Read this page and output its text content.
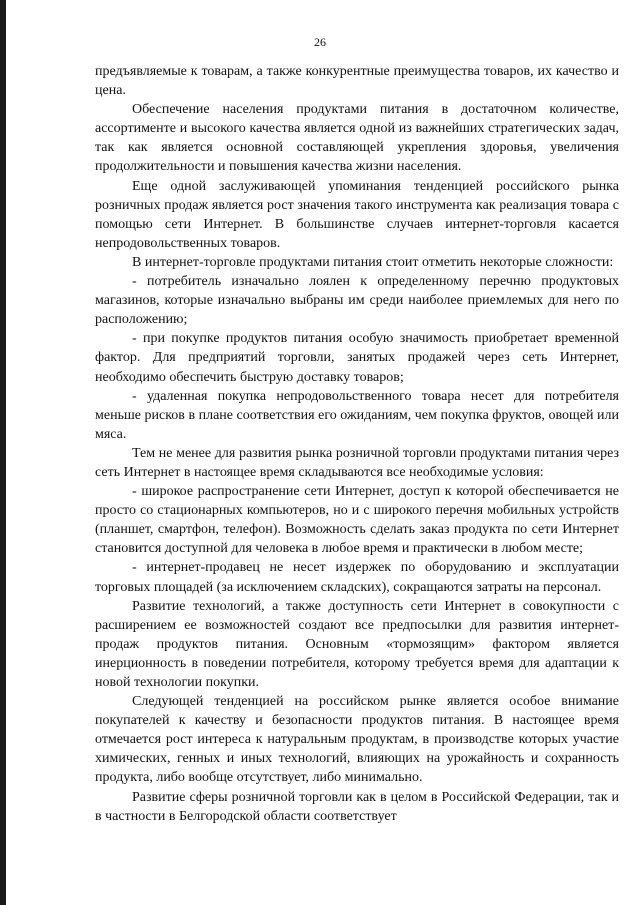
26

предъявляемые к товарам, а также конкурентные преимущества товаров, их качество и цена.

Обеспечение населения продуктами питания в достаточном количестве, ассортименте и высокого качества является одной из важнейших стратегических задач, так как является основной составляющей укрепления здоровья, увеличения продолжительности и повышения качества жизни населения.

Еще одной заслуживающей упоминания тенденцией российского рынка розничных продаж является рост значения такого инструмента как реализация товара с помощью сети Интернет. В большинстве случаев интернет-торговля касается непродовольственных товаров.

В интернет-торговле продуктами питания стоит отметить некоторые сложности:

- потребитель изначально лоялен к определенному перечню продуктовых магазинов, которые изначально выбраны им среди наиболее приемлемых для него по расположению;

- при покупке продуктов питания особую значимость приобретает временной фактор. Для предприятий торговли, занятых продажей через сеть Интернет, необходимо обеспечить быструю доставку товаров;

- удаленная покупка непродовольственного товара несет для потребителя меньше рисков в плане соответствия его ожиданиям, чем покупка фруктов, овощей или мяса.

Тем не менее для развития рынка розничной торговли продуктами питания через сеть Интернет в настоящее время складываются все необходимые условия:

- широкое распространение сети Интернет, доступ к которой обеспечивается не просто со стационарных компьютеров, но и с широкого перечня мобильных устройств (планшет, смартфон, телефон). Возможность сделать заказ продукта по сети Интернет становится доступной для человека в любое время и практически в любом месте;

- интернет-продавец не несет издержек по оборудованию и эксплуатации торговых площадей (за исключением складских), сокращаются затраты на персонал.

Развитие технологий, а также доступность сети Интернет в совокупности с расширением ее возможностей создают все предпосылки для развития интернет-продаж продуктов питания. Основным «тормозящим» фактором является инерционность в поведении потребителя, которому требуется время для адаптации к новой технологии покупки.

Следующей тенденцией на российском рынке является особое внимание покупателей к качеству и безопасности продуктов питания. В настоящее время отмечается рост интереса к натуральным продуктам, в производстве которых участие химических, генных и иных технологий, влияющих на урожайность и сохранность продукта, либо вообще отсутствует, либо минимально.

Развитие сферы розничной торговли как в целом в Российской Федерации, так и в частности в Белгородской области соответствует
